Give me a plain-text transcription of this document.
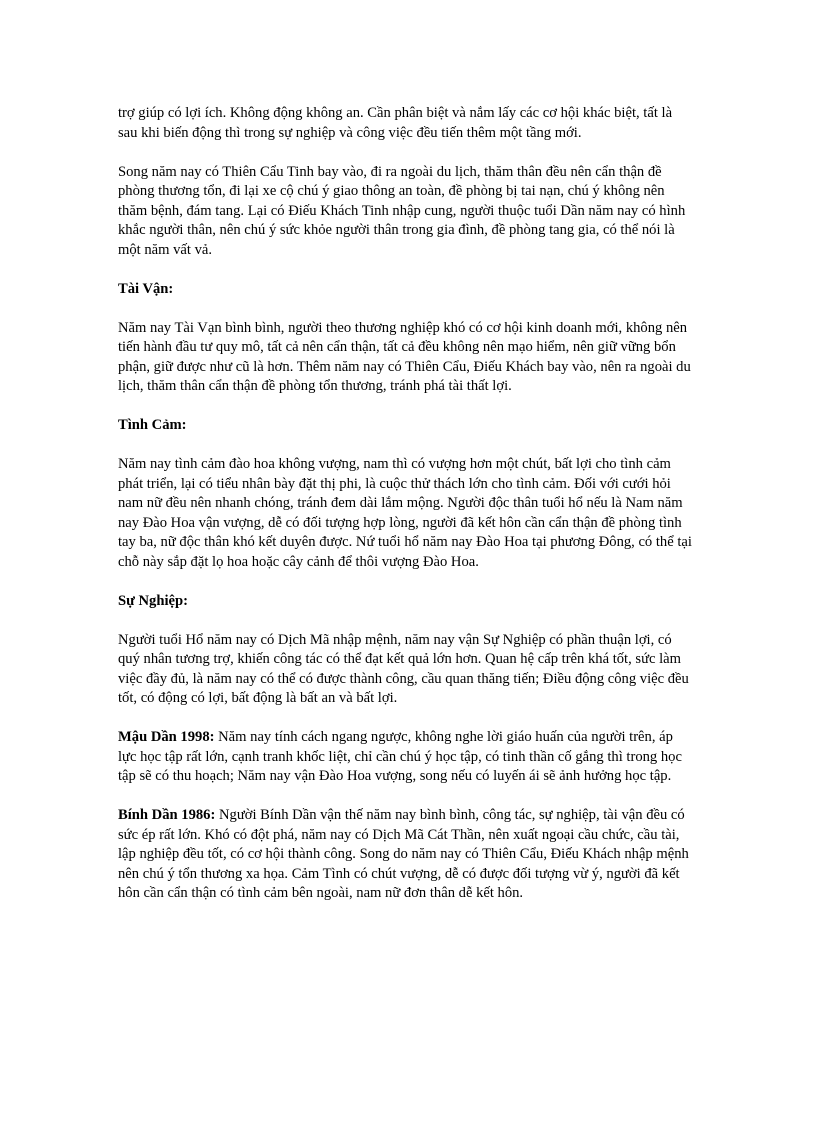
trợ giúp có lợi ích. Không động không an. Cần phân biệt và nắm lấy các cơ hội khác biệt, tất là sau khi biến động thì trong sự nghiệp và công việc đều tiến thêm một tầng mới.

Song năm nay có Thiên Cẩu Tinh bay vào, đi ra ngoài du lịch, thăm thân đều nên cẩn thận đề phòng thương tổn, đi lại xe cộ chú ý giao thông an toàn, đề phòng bị tai nạn, chú ý không nên thăm bệnh, đám tang. Lại có Điếu Khách Tinh nhập cung, người thuộc tuổi Dần năm nay có hình khắc người thân, nên chú ý sức khỏe người thân trong gia đình, đề phòng tang gia, có thể nói là một năm vất vả.

Tài Vận:

Năm nay Tài Vạn bình bình, người theo thương nghiệp khó có cơ hội kinh doanh mới, không nên tiến hành đầu tư quy mô, tất cả nên cẩn thận, tất cả đều không nên mạo hiểm, nên giữ vững bổn phận, giữ được như cũ là hơn. Thêm năm nay có Thiên Cẩu, Điếu Khách bay vào, nên ra ngoài du lịch, thăm thân cẩn thận đề phòng tổn thương, tránh phá tài thất lợi.

Tình Cảm:

Năm nay tình cảm đào hoa không vượng, nam thì có vượng hơn một chút, bất lợi cho tình cảm phát triển, lại có tiểu nhân bày đặt thị phi, là cuộc thử thách lớn cho tình cảm. Đối với cưới hỏi nam nữ đều nên nhanh chóng, tránh đem dài lắm mộng. Người độc thân tuổi hổ nếu là Nam năm nay Đào Hoa vận vượng, dễ có đối tượng hợp lòng, người đã kết hôn cần cẩn thận đề phòng tình tay ba, nữ độc thân khó kết duyên được. Nứ tuổi hổ năm nay Đào Hoa tại phương Đông, có thể tại chỗ này sắp đặt lọ hoa hoặc cây cảnh để thôi vượng Đào Hoa.

Sự Nghiệp:

Người tuổi Hổ năm nay có Dịch Mã nhập mệnh, năm nay vận Sự Nghiệp có phần thuận lợi, có quý nhân tương trợ, khiến công tác có thể đạt kết quả lớn hơn. Quan hệ cấp trên khá tốt, sức làm việc đầy đủ, là năm nay có thể có được thành công, cầu quan thăng tiến; Điều động công việc đều tốt, có động có lợi, bất động là bất an và bất lợi.

Mậu Dần 1998: Năm nay tính cách ngang ngược, không nghe lời giáo huấn của người trên, áp lực học tập rất lớn, cạnh tranh khốc liệt, chỉ cần chú ý học tập, có tinh thần cố gắng thì trong học tập sẽ có thu hoạch; Năm nay vận Đào Hoa vượng, song nếu có luyến ái sẽ ảnh hưởng học tập.

Bính Dần 1986: Người Bính Dần vận thế năm nay bình bình, công tác, sự nghiệp, tài vận đều có sức ép rất lớn. Khó có đột phá, năm nay có Dịch Mã Cát Thần, nên xuất ngoại cầu chức, cầu tài, lập nghiệp đều tốt, có cơ hội thành công. Song do năm nay có Thiên Cẩu, Điếu Khách nhập mệnh nên chú ý tổn thương xa họa. Cảm Tình có chút vượng, dễ có được đối tượng vừ ý, người đã kết hôn cần cẩn thận có tình cảm bên ngoài, nam nữ đơn thân dễ kết hôn.
